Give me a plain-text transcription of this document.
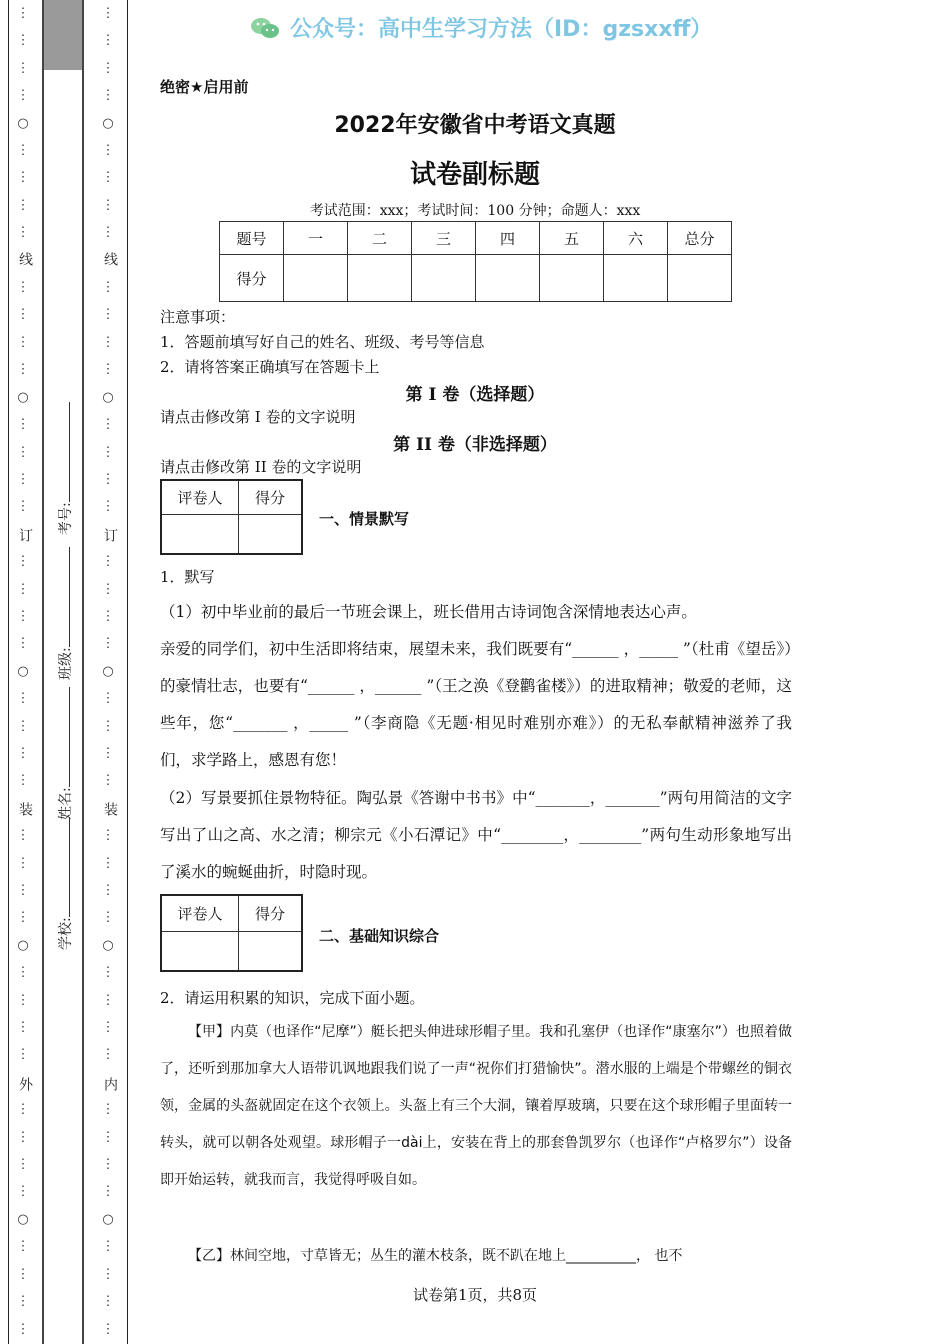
⋮
⋮
⋮
⋮
○
⋮
⋮
⋮
⋮

⋮
⋮
⋮
⋮
○
⋮
⋮
⋮
⋮

⋮
⋮
⋮
⋮
○
⋮
⋮
⋮
⋮

⋮
⋮
⋮
⋮
○
⋮
⋮
⋮
⋮

⋮
⋮
⋮
⋮
○
⋮
⋮
⋮
⋮
⋮
⋮
⋮
⋮
○
⋮
⋮
⋮
⋮

⋮
⋮
⋮
⋮
○
⋮
⋮
⋮
⋮

⋮
⋮
⋮
⋮
○
⋮
⋮
⋮
⋮

⋮
⋮
⋮
⋮
○
⋮
⋮
⋮
⋮

⋮
⋮
⋮
⋮
○
⋮
⋮
⋮
⋮
线
订
装
外
线
订
装
内
学校:
姓名:
班级:
考号:
公众号：高中生学习方法（ID：gzsxxff）
绝密★启用前
2022年安徽省中考语文真题
试卷副标题
考试范围：xxx；考试时间：100 分钟；命题人：xxx
题号	一	二	三	四	五	六	总分
得分							
注意事项：
1．答题前填写好自己的姓名、班级、考号等信息
2．请将答案正确填写在答题卡上
第 I 卷（选择题）
请点击修改第 I 卷的文字说明
第 II 卷（非选择题）
请点击修改第 II 卷的文字说明
评卷人	得分

一、情景默写
1．默写
（1）初中毕业前的最后一节班会课上，班长借用古诗词饱含深情地表达心声。
亲爱的同学们，初中生活即将结束，展望未来，我们既要有“______ ，_____ ”（杜甫《望岳》）的豪情壮志，也要有“______ ，______ ”（王之涣《登鹳雀楼》）的进取精神；敬爱的老师，这些年，您“_______ ，_____ ”（李商隐《无题·相见时难别亦难》）的无私奉献精神滋养了我们，求学路上，感恩有您！
（2）写景要抓住景物特征。陶弘景《答谢中书书》中“_______，_______”两句用简洁的文字写出了山之高、水之清；柳宗元《小石潭记》中“________，________”两句生动形象地写出了溪水的蜿蜒曲折，时隐时现。
评卷人	得分

二、基础知识综合
2．请运用积累的知识，完成下面小题。
【甲】内莫（也译作“尼摩”）艇长把头伸进球形帽子里。我和孔塞伊（也译作“康塞尔”）也照着做了，还听到那加拿大人语带讥讽地跟我们说了一声“祝你们打猎愉快”。潜水服的上端是个带螺丝的铜衣领，金属的头盔就固定在这个衣领上。头盔上有三个大洞，镶着厚玻璃，只要在这个球形帽子里面转一转头，就可以朝各处观望。球形帽子一dài上，安装在背上的那套鲁凯罗尔（也译作“卢格罗尔”）设备即开始运转，就我而言，我觉得呼吸自如。
【乙】林间空地，寸草皆无；丛生的灌木枝条，既不趴在地上__________， 也不
试卷第1页，共8页
